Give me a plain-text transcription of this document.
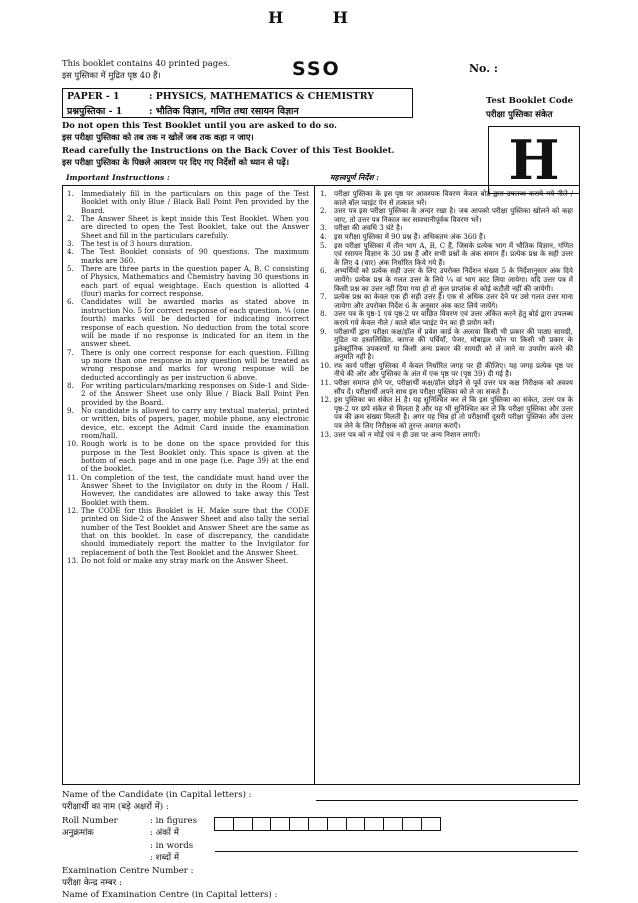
H H
This booklet contains 40 printed pages.
इस पुस्तिका में मुद्रित पृष्ठ 40 हैं।	SSO	No. :
PAPER - 1	: PHYSICS, MATHEMATICS & CHEMISTRY
प्रश्नपुस्तिका - 1	: भौतिक विज्ञान, गणित तथा रसायन विज्ञान
Test Booklet Code
परीक्षा पुस्तिका संकेत
H
Do not open this Test Booklet until you are asked to do so.
इस परीक्षा पुस्तिका को तब तक न खोलें जब तक कहा न जाए।
Read carefully the Instructions on the Back Cover of this Test Booklet.
इस परीक्षा पुस्तिका के पिछले आवरण पर दिए गए निर्देशों को ध्यान से पढ़ें।
Important Instructions :	महत्त्वपूर्ण निर्देश :
1.	Immediately fill in the particulars on this page of the Test Booklet with only Blue / Black Ball Point Pen provided by the Board.
2.	The Answer Sheet is kept inside this Test Booklet. When you are directed to open the Test Booklet, take out the Answer Sheet and fill in the particulars carefully.
3.	The test is of 3 hours duration.
4.	The Test Booklet consists of 90 questions. The maximum marks are 360.
5.	There are three parts in the question paper A, B, C consisting of Physics, Mathematics and Chemistry having 30 questions in each part of equal weightage. Each question is allotted 4 (four) marks for correct response.
6.	Candidates will be awarded marks as stated above in instruction No. 5 for correct response of each question. ¼ (one fourth) marks will be deducted for indicating incorrect response of each question. No deduction from the total score will be made if no response is indicated for an item in the answer sheet.
7.	There is only one correct response for each question. Filling up more than one response in any question will be treated as wrong response and marks for wrong response will be deducted accordingly as per instruction 6 above.
8.	For writing particulars/marking responses on Side-1 and Side-2 of the Answer Sheet use only Blue / Black Ball Point Pen provided by the Board.
9.	No candidate is allowed to carry any textual material, printed or written, bits of papers, pager, mobile phone, any electronic device, etc. except the Admit Card inside the examination room/hall.
10. Rough work is to be done on the space provided for this purpose in the Test Booklet only. This space is given at the bottom of each page and in one page (i.e. Page 39) at the end of the booklet.
11. On completion of the test, the candidate must hand over the Answer Sheet to the Invigilator on duty in the Room / Hall. However, the candidates are allowed to take away this Test Booklet with them.
12. The CODE for this Booklet is H. Make sure that the CODE printed on Side-2 of the Answer Sheet and also tally the serial number of the Test Booklet and Answer Sheet are the same as that on this booklet. In case of discrepancy, the candidate should immediately report the matter to the Invigilator for replacement of both the Test Booklet and the Answer Sheet.
13. Do not fold or make any stray mark on the Answer Sheet.
1.	परीक्षा पुस्तिका के इस पृष्ठ पर आवश्यक विवरण केवल बोर्ड द्वारा उपलब्ध कराये गये नीले / काले बॉल प्वाइंट पेन से तत्काल भरें।
2.	उत्तर पत्र इस परीक्षा पुस्तिका के अन्दर रखा है। जब आपको परीक्षा पुस्तिका खोलने को कहा जाए, तो उत्तर पत्र निकाल कर सावधानीपूर्वक विवरण भरें।
3.	परीक्षा की अवधि 3 घंटे है।
4.	इस परीक्षा पुस्तिका में 90 प्रश्न हैं। अधिकतम अंक 360 हैं।
5.	इस परीक्षा पुस्तिका में तीन भाग A, B, C हैं, जिसके प्रत्येक भाग में भौतिक विज्ञान, गणित एवं रसायन विज्ञान के 30 प्रश्न हैं और सभी प्रश्नों के अंक समान हैं। प्रत्येक प्रश्न के सही उत्तर के लिए 4 (चार) अंक निर्धारित किये गये हैं।
6.	अभ्यर्थियों को प्रत्येक सही उत्तर के लिए उपरोक्त निर्देशन संख्या 5 के निर्देशानुसार अंक दिये जायेंगे। प्रत्येक प्रश्न के गलत उत्तर के लिये ¼ वां भाग काट लिया जायेगा। यदि उत्तर पत्र में किसी प्रश्न का उत्तर नहीं दिया गया हो तो कुल प्राप्तांक से कोई कटौती नहीं की जायेगी।
7.	प्रत्येक प्रश्न का केवल एक ही सही उत्तर है। एक से अधिक उत्तर देने पर उसे गलत उत्तर माना जायेगा और उपरोक्त निर्देश 6 के अनुसार अंक काट लिये जायेंगे।
8.	उत्तर पत्र के पृष्ठ-1 एवं पृष्ठ-2 पर वांछित विवरण एवं उत्तर अंकित करने हेतु बोर्ड द्वारा उपलब्ध कराये गये केवल नीले / काले बॉल प्वाइंट पेन का ही प्रयोग करें।
9.	परीक्षार्थी द्वारा परीक्षा कक्ष/हॉल में प्रवेश कार्ड के अलावा किसी भी प्रकार की पाठ्य सामग्री, मुद्रित या हस्तलिखित, कागज की पर्चियाँ, पेजर, मोबाइल फोन या किसी भी प्रकार के इलेक्ट्रॉनिक उपकरणों या किसी अन्य प्रकार की सामग्री को ले जाने या उपयोग करने की अनुमति नहीं है।
10. रफ कार्य परीक्षा पुस्तिका में केवल निर्धारित जगह पर ही कीजिए। यह जगह प्रत्येक पृष्ठ पर नीचे की ओर और पुस्तिका के अंत में एक पृष्ठ पर (पृष्ठ 39) दी गई है।
11. परीक्षा समाप्त होने पर, परीक्षार्थी कक्ष/हॉल छोड़ने से पूर्व उत्तर पत्र कक्ष निरीक्षक को अवश्य सौंप दें। परीक्षार्थी अपने साथ इस परीक्षा पुस्तिका को ले जा सकते हैं।
12. इस पुस्तिका का संकेत H है। यह सुनिश्चित कर लें कि इस पुस्तिका का संकेत, उत्तर पत्र के पृष्ठ-2 पर छपे संकेत से मिलता है और यह भी सुनिश्चित कर लें कि परीक्षा पुस्तिका और उत्तर पत्र की क्रम संख्या मिलती है। अगर यह भिन्न हो तो परीक्षार्थी दूसरी परीक्षा पुस्तिका और उत्तर पत्र लेने के लिए निरीक्षक को तुरन्त अवगत कराएँ।
13. उत्तर पत्र को न मोड़ें एवं न ही उस पर अन्य निशान लगाएँ।
Name of the Candidate (in Capital letters) :
परीक्षार्थी का नाम (बड़े अक्षरों में) :
Roll Number
अनुक्रमांक
: in figures
: अंकों में
: in words
: शब्दों में
Examination Centre Number :
परीक्षा केन्द्र नम्बर :
Name of Examination Centre (in Capital letters) :
